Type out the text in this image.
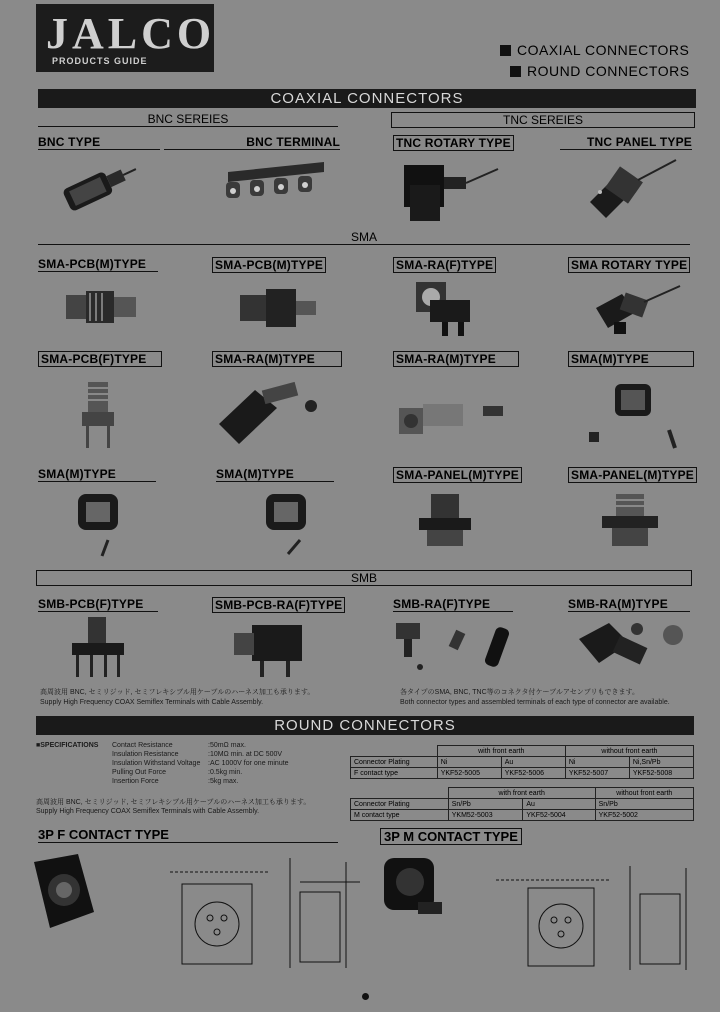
JALCO
PRODUCTS GUIDE
COAXIAL CONNECTORS
ROUND CONNECTORS
COAXIAL CONNECTORS
BNC SEREIES	TNC SEREIES
BNC TYPE	BNC TERMINAL	TNC ROTARY TYPE	TNC PANEL TYPE
SMA
SMA-PCB(M)TYPE	SMA-PCB(M)TYPE	SMA-RA(F)TYPE	SMA ROTARY TYPE
SMA-PCB(F)TYPE	SMA-RA(M)TYPE	SMA-RA(M)TYPE	SMA(M)TYPE
SMA(M)TYPE	SMA(M)TYPE	SMA-PANEL(M)TYPE	SMA-PANEL(M)TYPE
SMB
SMB-PCB(F)TYPE	SMB-PCB-RA(F)TYPE	SMB-RA(F)TYPE	SMB-RA(M)TYPE
高周波用 BNC, セミリジッド, セミフレキシブル用ケーブルのハーネス加工も承ります。
Supply High Frequency COAX Semiflex Terminals with Cable Assembly.
各タイプのSMA, BNC, TNC等のコネクタ付ケーブルアセンブリもできます。
Both connector types and assembled terminals of each type of connector are available.
ROUND CONNECTORS
■SPECIFICATIONS Contact Resistance	:50mΩ max.
Insulation Resistance	:10MΩ min. at DC 500V
Insulation Withstand Voltage	:AC 1000V for one minute
Pulling Out Force	:0.5kg min.
Insertion Force	:5kg max.
高周波用 BNC, セミリジッド, セミフレキシブル用ケーブルのハーネス加工も承ります。
Supply High Frequency COAX Semiflex Terminals with Cable Assembly.
	with front earth		without front earth	
Connector Plating	Ni	Au	Ni	Ni,Sn/Pb
F contact type	YKF52-5005	YKF52-5006	YKF52-5007	YKF52-5008
	with front earth		without front earth
Connector Plating	Sn/Pb	Au	Sn/Pb
M contact type	YKM52-5003	YKF52-5004	YKF52-5002
3P F CONTACT TYPE	3P M CONTACT TYPE
